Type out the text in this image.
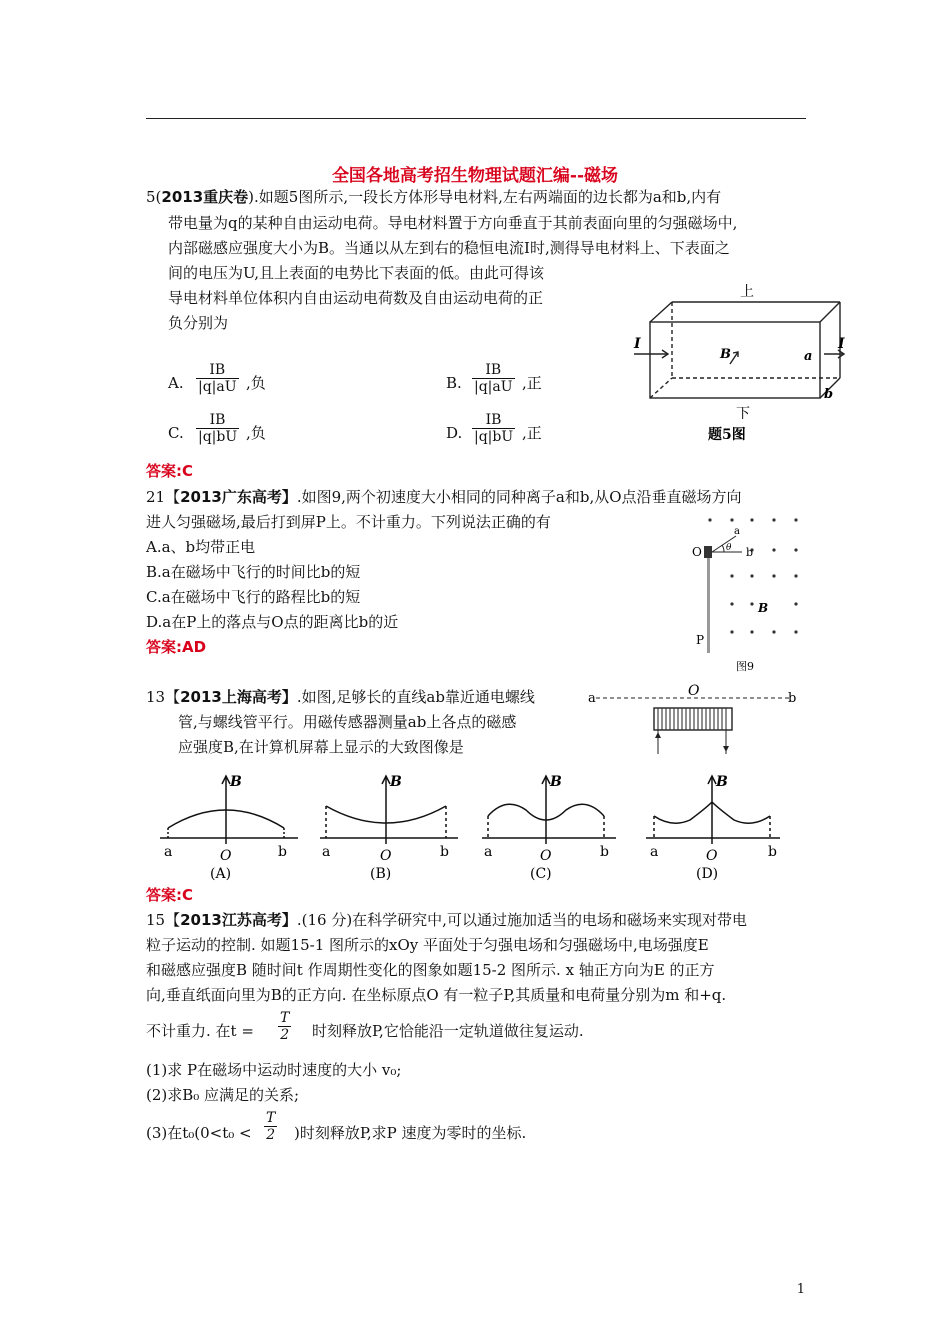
全国各地高考招生物理试题汇编--磁场
5(2013重庆卷).如题5图所示,一段长方体形导电材料,左右两端面的边长都为a和b,内有
带电量为q的某种自由运动电荷。导电材料置于方向垂直于其前表面向里的匀强磁场中,
内部磁感应强度大小为B。当通以从左到右的稳恒电流I时,测得导电材料上、下表面之
间的电压为U,且上表面的电势比下表面的低。由此可得该
导电材料单位体积内自由运动电荷数及自由运动电荷的正
负分别为
A. $\frac{IB}{|q|aU}$ ,负	B. $\frac{IB}{|q|aU}$ ,正
C. $\frac{IB}{|q|bU}$ ,负	D. $\frac{IB}{|q|bU}$ ,正
答案:C
上
下
I	I
B	a
b
题5图
21【2013广东高考】.如图9,两个初速度大小相同的同种离子a和b,从O点沿垂直磁场方向
进人匀强磁场,最后打到屏P上。不计重力。下列说法正确的有
A.a、b均带正电
B.a在磁场中飞行的时间比b的短
C.a在磁场中飞行的路程比b的短
D.a在P上的落点与O点的距离比b的近
答案:AD
O
a
b
θ
B
P
图9
13【2013上海高考】.如图,足够长的直线ab靠近通电螺线
管,与螺线管平行。用磁传感器测量ab上各点的磁感
应强度B,在计算机屏幕上显示的大致图像是
a	O	b
B
a	O	b
(A)
B
a	O	b
(B)
B
a	O	b
(C)
B
a	O	b
(D)
答案:C
15【2013江苏高考】.(16 分)在科学研究中,可以通过施加适当的电场和磁场来实现对带电
粒子运动的控制. 如题15-1 图所示的xOy 平面处于匀强电场和匀强磁场中,电场强度E
和磁感应强度B 随时间t 作周期性变化的图象如题15-2 图所示. x 轴正方向为E 的正方
向,垂直纸面向里为B的正方向. 在坐标原点O 有一粒子P,其质量和电荷量分别为m 和+q.
不计重力. 在$t = \frac{T}{2}$ 时刻释放P,它恰能沿一定轨道做往复运动.
(1)求 P在磁场中运动时速度的大小 v₀;
(2)求B₀ 应满足的关系;
(3)在$t_0(0<t_0 < \frac{T}{2}$ )时刻释放P,求P 速度为零时的坐标.
1
